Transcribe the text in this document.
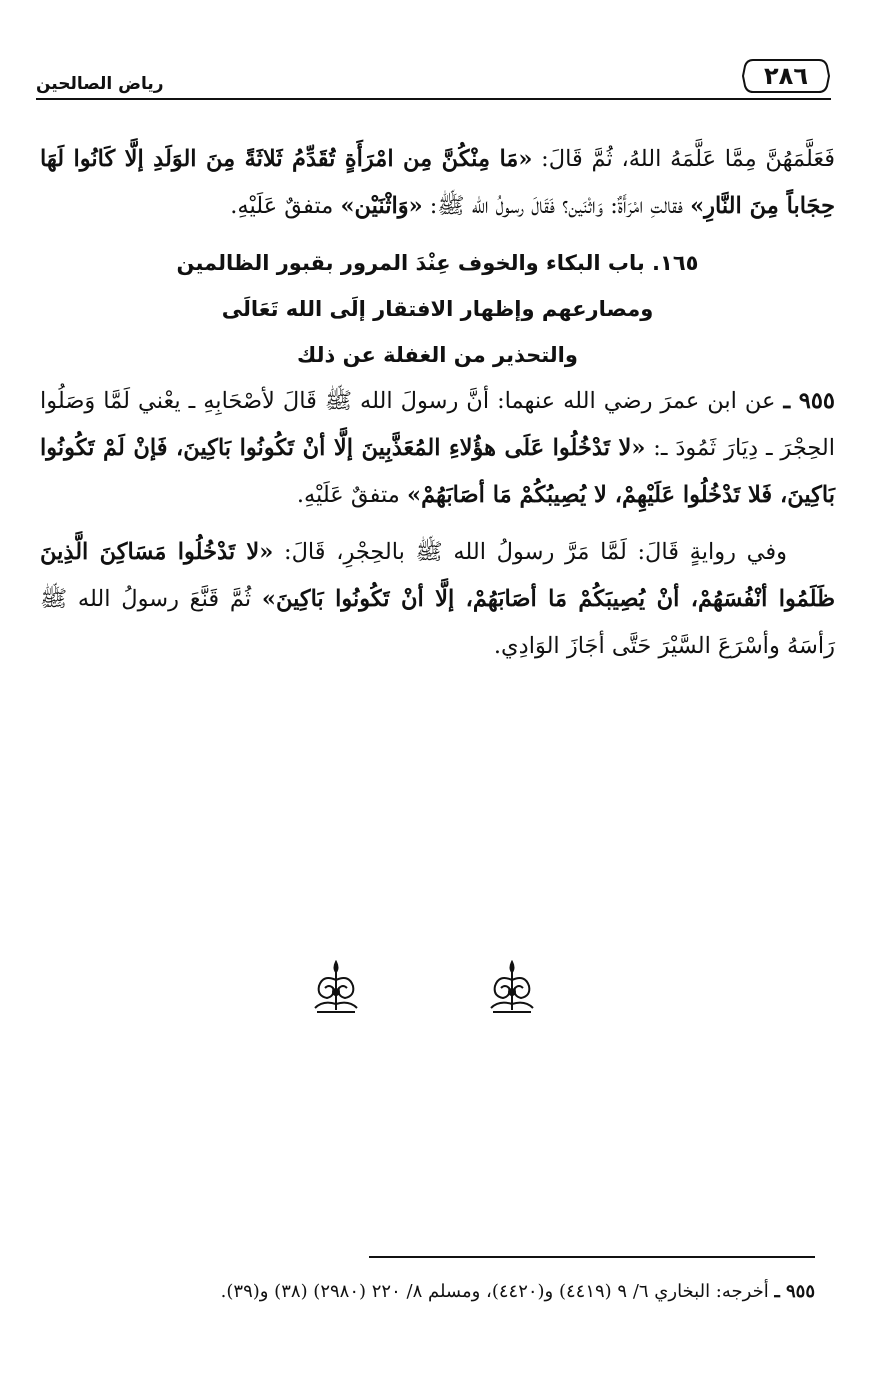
٢٨٦
رياض الصالحين

فَعَلَّمَهُنَّ مِمَّا عَلَّمَهُ اللهُ، ثُمَّ قَالَ: «مَا مِنْكُنَّ مِن امْرَأَةٍ تُقَدِّمُ ثَلاثَةً مِنَ الوَلَدِ إلَّا كَانُوا لَهَا حِجَاباً مِنَ النَّارِ» فقالتِ امْرَأَةٌ: وَاثْنَين؟ فَقَالَ رسولُ الله ﷺ: «وَاثْنَيْن» متفقٌ عَلَيْهِ.

١٦٥. باب البكاء والخوف عِنْدَ المرور بقبور الظالمين
ومصارعهم وإظهار الافتقار إلَى الله تَعَالَى
والتحذير من الغفلة عن ذلك

٩٥٥ ـ عن ابن عمرَ رضي الله عنهما: أنَّ رسولَ الله ﷺ قَالَ لأصْحَابِهِ ـ يعْني لَمَّا وَصَلُوا الحِجْرَ ـ دِيَارَ ثَمُودَ ـ: «لا تَدْخُلُوا عَلَى هؤُلاءِ المُعَذَّبِينَ إلَّا أنْ تَكُونُوا بَاكِينَ، فَإنْ لَمْ تَكُونُوا بَاكِينَ، فَلا تَدْخُلُوا عَلَيْهِمْ، لا يُصِيبُكُمْ مَا أصَابَهُمْ» متفقٌ عَلَيْهِ.

وفي روايةٍ قَالَ: لَمَّا مَرَّ رسولُ الله ﷺ بالحِجْرِ، قَالَ: «لا تَدْخُلُوا مَسَاكِنَ الَّذِينَ ظَلَمُوا أنْفُسَهُمْ، أنْ يُصِيبَكُمْ مَا أصَابَهُمْ، إلَّا أنْ تَكُونُوا بَاكِينَ» ثُمَّ قَنَّعَ رسولُ الله ﷺ رَأسَهُ وأسْرَعَ السَّيْرَ حَتَّى أجَازَ الوَادِي.

٩٥٥ ـ أخرجه: البخاري ٦/ ٩ (٤٤١٩) و(٤٤٢٠)، ومسلم ٨/ ٢٢٠ (٢٩٨٠) (٣٨) و(٣٩).
